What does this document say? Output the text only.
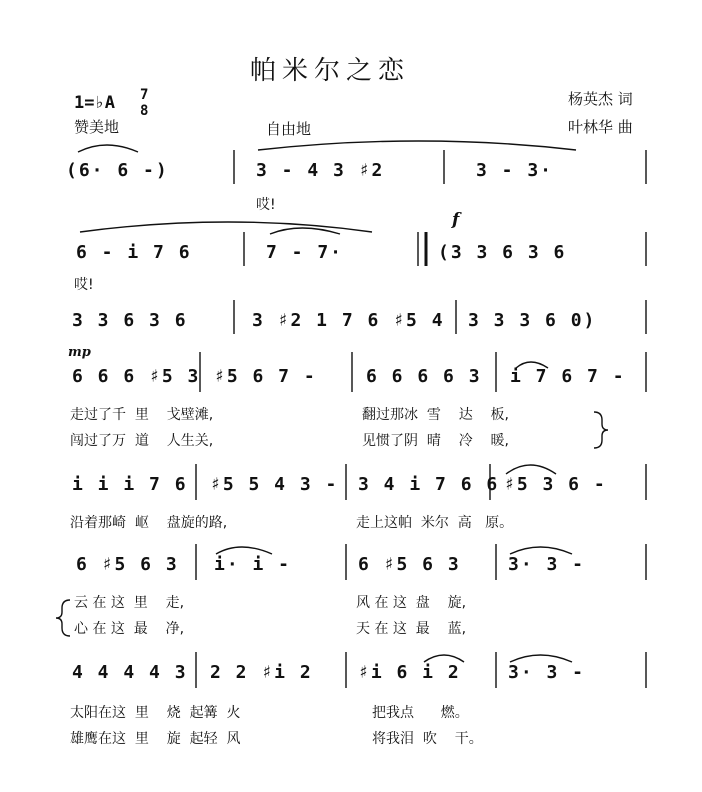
帕米尔之恋
1=♭A 7
8
赞美地	自由地
杨英杰 词
叶林华 曲
(6· 6 -)	3 - 4 3 ♯2	3 - 3·
哎!
f
6 - i 7 6	7 - 7·	(3 3 6 3 6
哎!
3 3 6 3 6	3 ♯2 1 7 6 ♯5 4 3 3 3 6 0)
mp
6 6 6 ♯5 3 ♯5 6 7 -	6 6 6 6 3 i 7 6 7 -
走过了千  里    戈壁滩,	翻过那冰  雪    达    板,
闯过了万  道    人生关,	见惯了阴  晴    冷    暖,
i i i 7 6 ♯5 5 4 3 - 3 4 i 7 6 6 ♯5 3 6 -
沿着那崎  岖    盘旋的路,	走上这帕  米尔  高   原。
6 ♯5 6 3 i· i -	6 ♯5 6 3	3· 3 -
云 在 这  里    走,	风 在 这  盘    旋,
心 在 这  最    净,	天 在 这  最    蓝,
4 4 4 4 3 2 2 ♯i 2	♯i 6 i 2	3· 3 -
太阳在这  里    烧  起篝  火	把我点      燃。
雄鹰在这  里    旋  起轻  风	将我泪  吹    干。
